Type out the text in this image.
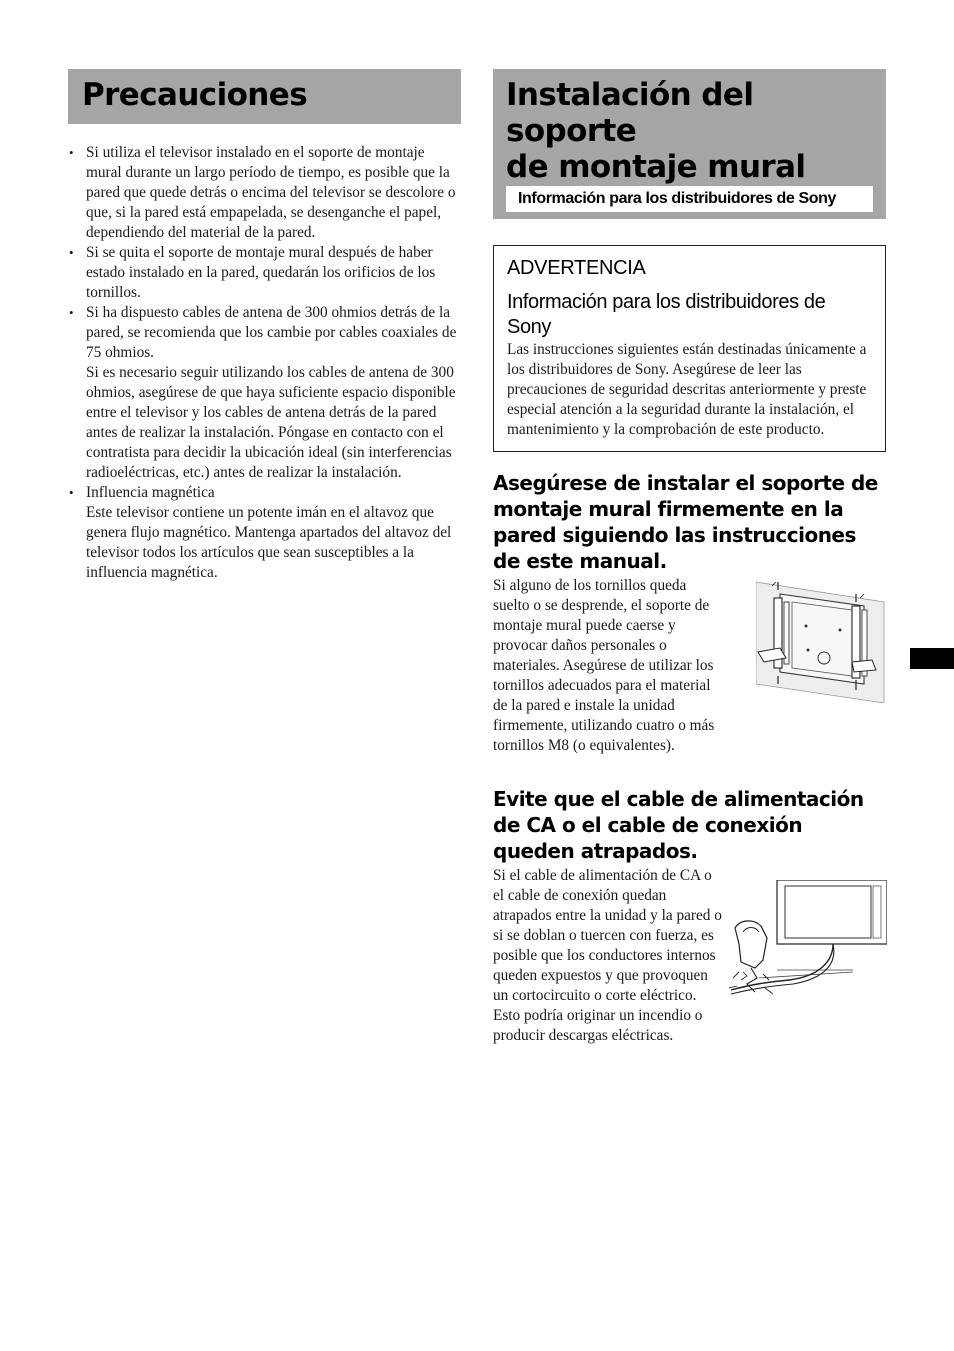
Precauciones

• Si utiliza el televisor instalado en el soporte de montaje mural durante un largo período de tiempo, es posible que la pared que quede detrás o encima del televisor se descolore o que, si la pared está empapelada, se desenganche el papel, dependiendo del material de la pared.

• Si se quita el soporte de montaje mural después de haber estado instalado en la pared, quedarán los orificios de los tornillos.

• Si ha dispuesto cables de antena de 300 ohmios detrás de la pared, se recomienda que los cambie por cables coaxiales de 75 ohmios.

Si es necesario seguir utilizando los cables de antena de 300 ohmios, asegúrese de que haya suficiente espacio disponible entre el televisor y los cables de antena detrás de la pared antes de realizar la instalación. Póngase en contacto con el contratista para decidir la ubicación ideal (sin interferencias radioeléctricas, etc.) antes de realizar la instalación.

• Influencia magnética

Este televisor contiene un potente imán en el altavoz que genera flujo magnético. Mantenga apartados del altavoz del televisor todos los artículos que sean susceptibles a la influencia magnética.

Instalación del soporte
de montaje mural
Información para los distribuidores de Sony
ADVERTENCIA
Información para los distribuidores de Sony

Las instrucciones siguientes están destinadas únicamente a los distribuidores de Sony. Asegúrese de leer las precauciones de seguridad descritas anteriormente y preste especial atención a la seguridad durante la instalación, el mantenimiento y la comprobación de este producto.

Asegúrese de instalar el soporte de montaje mural firmemente en la pared siguiendo las instrucciones de este manual.

Si alguno de los tornillos queda suelto o se desprende, el soporte de montaje mural puede caerse y provocar daños personales o materiales. Asegúrese de utilizar los tornillos adecuados para el material de la pared e instale la unidad firmemente, utilizando cuatro o más tornillos M8 (o equivalentes).

Evite que el cable de alimentación de CA o el cable de conexión queden atrapados.

Si el cable de alimentación de CA o el cable de conexión quedan atrapados entre la unidad y la pared o si se doblan o tuercen con fuerza, es posible que los conductores internos queden expuestos y que provoquen un cortocircuito o corte eléctrico. Esto podría originar un incendio o producir descargas eléctricas.
